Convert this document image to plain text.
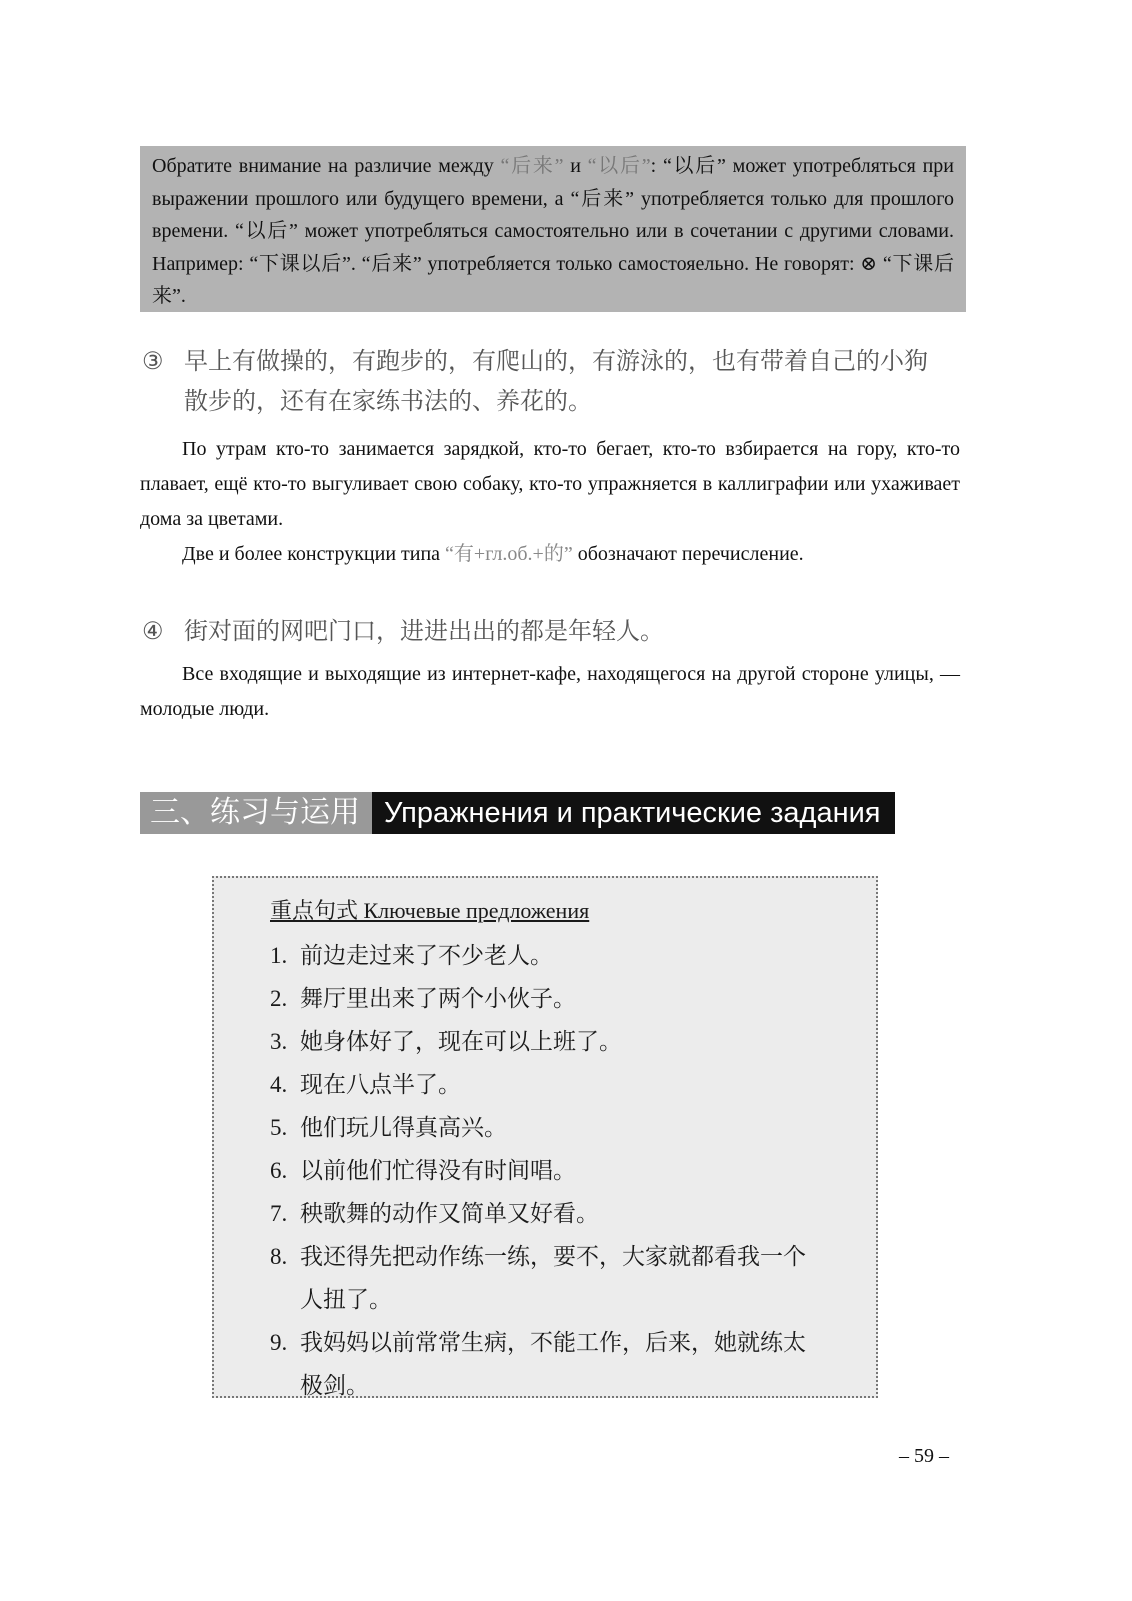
Обратите внимание на различие между “后来” и “以后”: “以后” может употребляться при выражении прошлого или будущего времени, а “后来” употребляется только для прошлого времени. “以后” может употребляться самостоятельно или в сочетании с другими словами. Например: “下课以后”. “后来” употребляется только самостояельно. Не говорят: ⊗ “下课后来”.
③ 早上有做操的，有跑步的，有爬山的，有游泳的，也有带着自己的小狗
散步的，还有在家练书法的、养花的。
По утрам кто-то занимается зарядкой, кто-то бегает, кто-то взбирается на гору, кто-то плавает, ещё кто-то выгуливает свою собаку, кто-то упражняется в каллиграфии или ухаживает дома за цветами.
Две и более конструкции типа “有+гл.об.+的” обозначают перечисление.
④ 街对面的网吧门口，进进出出的都是年轻人。
Все входящие и выходящие из интернет-кафе, находящегося на другой стороне улицы, —молодые люди.
三、练习与运用 Упражнения и практические задания
重点句式 Ключевые предложения
1. 前边走过来了不少老人。
2. 舞厅里出来了两个小伙子。
3. 她身体好了，现在可以上班了。
4. 现在八点半了。
5. 他们玩儿得真高兴。
6. 以前他们忙得没有时间唱。
7. 秧歌舞的动作又简单又好看。
8. 我还得先把动作练一练，要不，大家就都看我一个人扭了。
9. 我妈妈以前常常生病，不能工作，后来，她就练太极剑。
– 59 –
